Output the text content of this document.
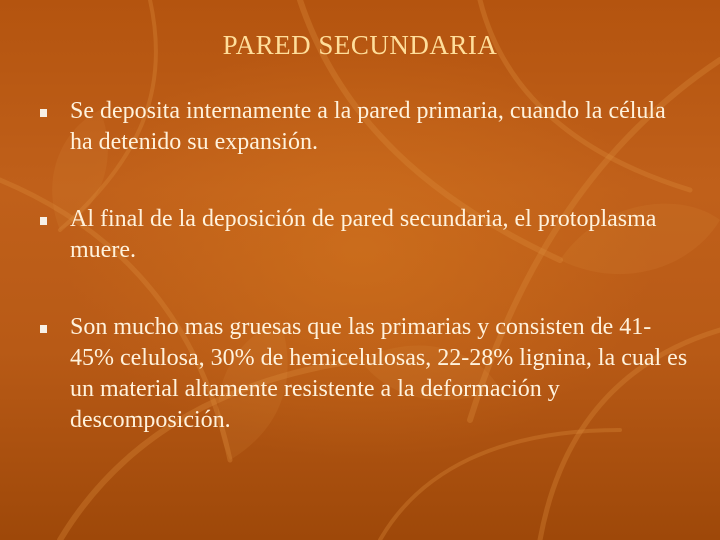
PARED SECUNDARIA
Se deposita internamente a la pared primaria, cuando la célula ha detenido su expansión.
Al final de la deposición de pared secundaria, el protoplasma muere.
Son mucho mas gruesas que las primarias y consisten de 41-45% celulosa, 30% de hemicelulosas, 22-28% lignina, la cual es un material altamente resistente a la deformación y descomposición.
